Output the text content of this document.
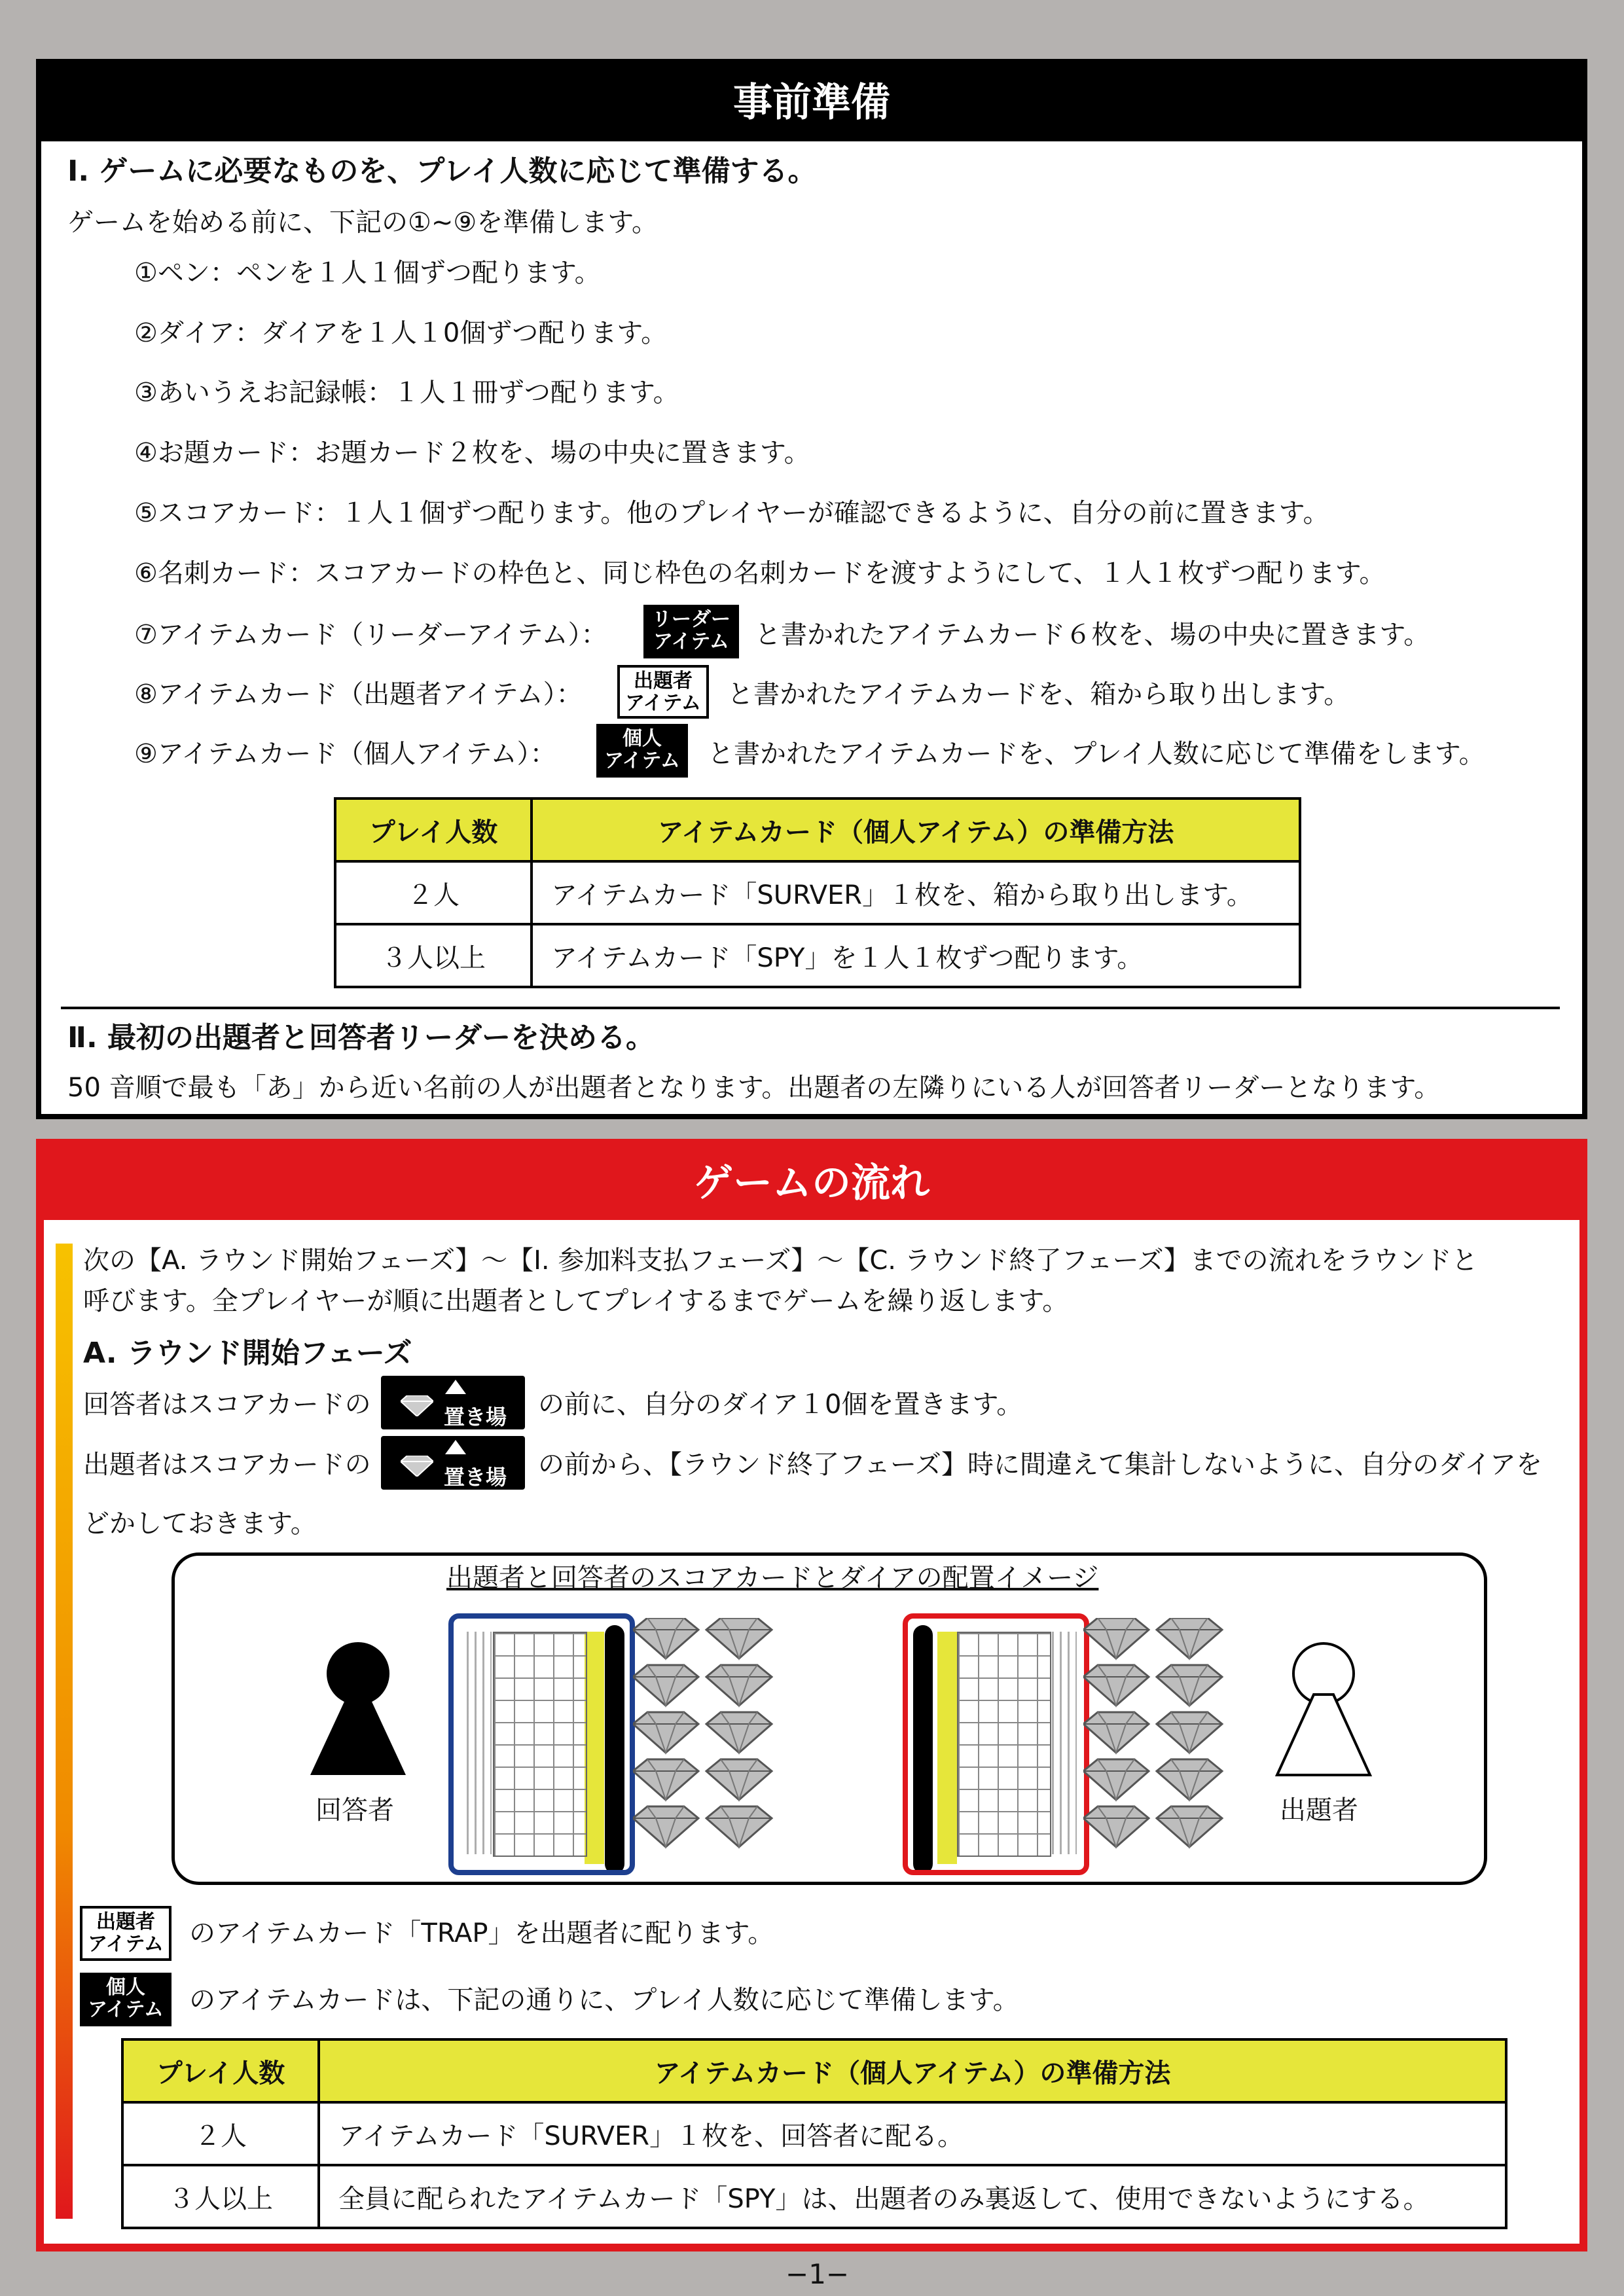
事前準備
Ⅰ. ゲームに必要なものを、プレイ人数に応じて準備する。
ゲームを始める前に、下記の①~⑨を準備します。
①ペン：ペンを１人１個ずつ配ります。
②ダイア：ダイアを１人１0個ずつ配ります。
③あいうえお記録帳：１人１冊ずつ配ります。
④お題カード：お題カード２枚を、場の中央に置きます。
⑤スコアカード：１人１個ずつ配ります。他のプレイヤーが確認できるように、自分の前に置きます。
⑥名刺カード：スコアカードの枠色と、同じ枠色の名刺カードを渡すようにして、１人１枚ずつ配ります。
⑦アイテムカード（リーダーアイテム）：
リーダー
アイテム と書かれたアイテムカード６枚を、場の中央に置きます。
⑧アイテムカード（出題者アイテム）：	出題者
アイテム と書かれたアイテムカードを、箱から取り出します。
⑨アイテムカード（個人アイテム）：
個人
アイテム	と書かれたアイテムカードを、プレイ人数に応じて準備をします。
プレイ人数	アイテムカード（個人アイテム）の準備方法
２人	アイテムカード「SURVER」１枚を、箱から取り出します。
３人以上	アイテムカード「SPY」を１人１枚ずつ配ります。
Ⅱ. 最初の出題者と回答者リーダーを決める。
50 音順で最も「あ」から近い名前の人が出題者となります。出題者の左隣りにいる人が回答者リーダーとなります。
ゲームの流れ
次の【A. ラウンド開始フェーズ】～【I. 参加料支払フェーズ】～【C. ラウンド終了フェーズ】までの流れをラウンドと
呼びます。全プレイヤーが順に出題者としてプレイするまでゲームを繰り返します。
A. ラウンド開始フェーズ
回答者はスコアカードの	置き場 の前に、自分のダイア１0個を置きます。
出題者はスコアカードの	置き場 の前から、【ラウンド終了フェーズ】時に間違えて集計しないように、自分のダイアを
どかしておきます。
出題者と回答者のスコアカードとダイアの配置イメージ
回答者	出題者
出題者
アイテム のアイテムカード「TRAP」を出題者に配ります。
個人
アイテム のアイテムカードは、下記の通りに、プレイ人数に応じて準備します。
プレイ人数	アイテムカード（個人アイテム）の準備方法
２人	アイテムカード「SURVER」１枚を、回答者に配る。
３人以上	全員に配られたアイテムカード「SPY」は、出題者のみ裏返して、使用できないようにする。
−1−
